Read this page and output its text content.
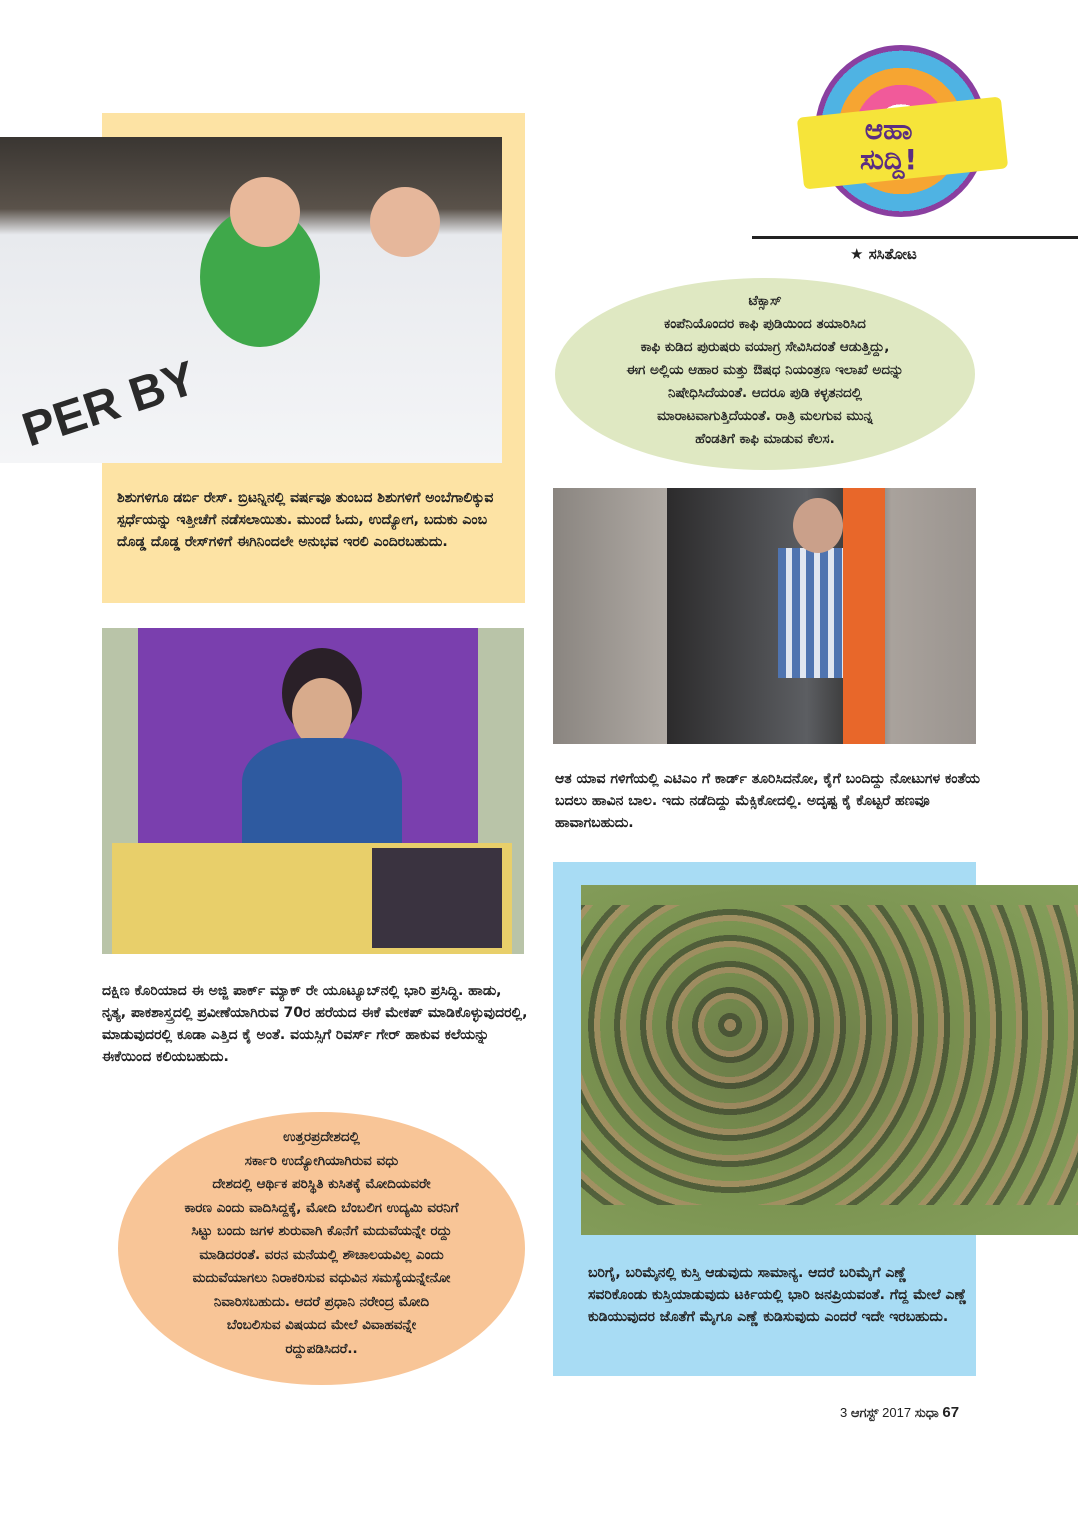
PER BY
ಶಿಶುಗಳಿಗೂ ಡರ್ಬಿ ರೇಸ್. ಬ್ರಿಟನ್ನಿನಲ್ಲಿ ವರ್ಷವೂ ತುಂಬದ ಶಿಶುಗಳಿಗೆ ಅಂಬೆಗಾಲಿಕ್ಕುವ ಸ್ಪರ್ಧೆಯನ್ನು ಇತ್ತೀಚೆಗೆ ನಡೆಸಲಾಯಿತು. ಮುಂದೆ ಓದು, ಉದ್ಯೋಗ, ಬದುಕು ಎಂಬ ದೊಡ್ಡ ದೊಡ್ಡ ರೇಸ್‌ಗಳಿಗೆ ಈಗಿನಿಂದಲೇ ಅನುಭವ ಇರಲಿ ಎಂದಿರಬಹುದು.
ದಕ್ಷಿಣ ಕೊರಿಯಾದ ಈ ಅಜ್ಜಿ ಪಾರ್ಕ್ ಮ್ಯಾಕ್ ರೇ ಯೂಟ್ಯೂಬ್‌ನಲ್ಲಿ ಭಾರಿ ಪ್ರಸಿದ್ಧಿ. ಹಾಡು, ನೃತ್ಯ, ಪಾಕಶಾಸ್ತ್ರದಲ್ಲಿ ಪ್ರವೀಣೆಯಾಗಿರುವ 70ರ ಹರೆಯದ ಈಕೆ ಮೇಕಪ್ ಮಾಡಿಕೊಳ್ಳುವುದರಲ್ಲಿ, ಮಾಡುವುದರಲ್ಲಿ ಕೂಡಾ ಎತ್ತಿದ ಕೈ ಅಂತೆ. ವಯಸ್ಸಿಗೆ ರಿವರ್ಸ್ ಗೇರ್ ಹಾಕುವ ಕಲೆಯನ್ನು ಈಕೆಯಿಂದ ಕಲಿಯಬಹುದು.
ಉತ್ತರಪ್ರದೇಶದಲ್ಲಿ
ಸರ್ಕಾರಿ ಉದ್ಯೋಗಿಯಾಗಿರುವ ವಧು
ದೇಶದಲ್ಲಿ ಆರ್ಥಿಕ ಪರಿಸ್ಥಿತಿ ಕುಸಿತಕ್ಕೆ ಮೋದಿಯವರೇ
ಕಾರಣ ಎಂದು ವಾದಿಸಿದ್ದಕ್ಕೆ, ಮೋದಿ ಬೆಂಬಲಿಗ ಉದ್ಯಮಿ ವರನಿಗೆ
ಸಿಟ್ಟು ಬಂದು ಜಗಳ ಶುರುವಾಗಿ ಕೊನೆಗೆ ಮದುವೆಯನ್ನೇ ರದ್ದು
ಮಾಡಿದರಂತೆ. ವರನ ಮನೆಯಲ್ಲಿ ಶೌಚಾಲಯವಿಲ್ಲ ಎಂದು
ಮದುವೆಯಾಗಲು ನಿರಾಕರಿಸುವ ವಧುವಿನ ಸಮಸ್ಯೆಯನ್ನೇನೋ
ನಿವಾರಿಸಬಹುದು. ಆದರೆ ಪ್ರಧಾನಿ ನರೇಂದ್ರ ಮೋದಿ
ಬೆಂಬಲಿಸುವ ವಿಷಯದ ಮೇಲೆ ವಿವಾಹವನ್ನೇ
ರದ್ದುಪಡಿಸಿದರೆ..
ಆಹಾ
ಸುದ್ದಿ!
★ ಸಸಿತೋಟ
ಟೆಕ್ಸಾಸ್
ಕಂಪೆನಿಯೊಂದರ ಕಾಫಿ ಪುಡಿಯಿಂದ ತಯಾರಿಸಿದ
ಕಾಫಿ ಕುಡಿದ ಪುರುಷರು ವಯಾಗ್ರ ಸೇವಿಸಿದಂತೆ ಆಡುತ್ತಿದ್ದು,
ಈಗ ಅಲ್ಲಿಯ ಆಹಾರ ಮತ್ತು ಔಷಧ ನಿಯಂತ್ರಣ ಇಲಾಖೆ ಅದನ್ನು
ನಿಷೇಧಿಸಿದೆಯಂತೆ. ಆದರೂ ಪುಡಿ ಕಳ್ಳತನದಲ್ಲಿ
ಮಾರಾಟವಾಗುತ್ತಿದೆಯಂತೆ. ರಾತ್ರಿ ಮಲಗುವ ಮುನ್ನ
ಹೆಂಡತಿಗೆ ಕಾಫಿ ಮಾಡುವ ಕೆಲಸ.
ಆತ ಯಾವ ಗಳಿಗೆಯಲ್ಲಿ ಎಟಿಎಂ ಗೆ ಕಾರ್ಡ್ ತೂರಿಸಿದನೋ, ಕೈಗೆ ಬಂದಿದ್ದು ನೋಟುಗಳ ಕಂತೆಯ ಬದಲು ಹಾವಿನ ಬಾಲ. ಇದು ನಡೆದಿದ್ದು ಮೆಕ್ಸಿಕೋದಲ್ಲಿ. ಅದೃಷ್ಟ ಕೈ ಕೊಟ್ಟರೆ ಹಣವೂ ಹಾವಾಗಬಹುದು.
ಬರಿಗೈ, ಬರಿಮೈನಲ್ಲಿ ಕುಸ್ತಿ ಆಡುವುದು ಸಾಮಾನ್ಯ. ಆದರೆ ಬರಿಮೈಗೆ ಎಣ್ಣೆ ಸವರಿಕೊಂಡು ಕುಸ್ತಿಯಾಡುವುದು ಟರ್ಕಿಯಲ್ಲಿ ಭಾರಿ ಜನಪ್ರಿಯವಂತೆ. ಗೆದ್ದ ಮೇಲೆ ಎಣ್ಣೆ ಕುಡಿಯುವುದರ ಜೊತೆಗೆ ಮೈಗೂ ಎಣ್ಣೆ ಕುಡಿಸುವುದು ಎಂದರೆ ಇದೇ ಇರಬಹುದು.
3 ಆಗಸ್ಟ್ 2017 ಸುಧಾ 67
